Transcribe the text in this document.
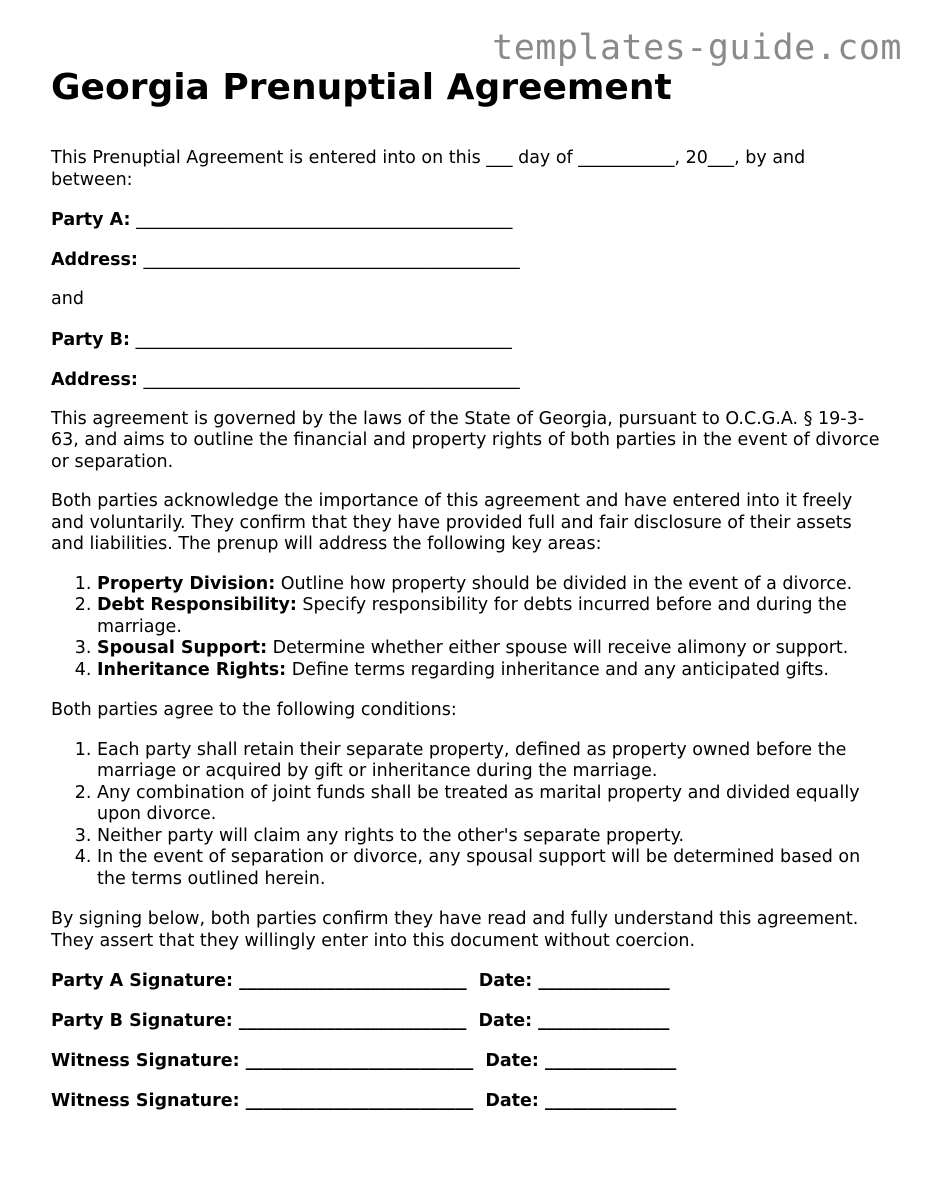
templates-guide.com
Georgia Prenuptial Agreement

This Prenuptial Agreement is entered into on this ___ day of ___________, 20___, by and between:

Party A: ___________________________________________
Address: ___________________________________________

and

Party B: ___________________________________________
Address: ___________________________________________

This agreement is governed by the laws of the State of Georgia, pursuant to O.C.G.A. § 19-3-63, and aims to outline the financial and property rights of both parties in the event of divorce or separation.

Both parties acknowledge the importance of this agreement and have entered into it freely and voluntarily. They confirm that they have provided full and fair disclosure of their assets and liabilities. The prenup will address the following key areas:

1. Property Division: Outline how property should be divided in the event of a divorce.
2. Debt Responsibility: Specify responsibility for debts incurred before and during the marriage.
3. Spousal Support: Determine whether either spouse will receive alimony or support.
4. Inheritance Rights: Define terms regarding inheritance and any anticipated gifts.

Both parties agree to the following conditions:

1. Each party shall retain their separate property, defined as property owned before the marriage or acquired by gift or inheritance during the marriage.
2. Any combination of joint funds shall be treated as marital property and divided equally upon divorce.
3. Neither party will claim any rights to the other's separate property.
4. In the event of separation or divorce, any spousal support will be determined based on the terms outlined herein.

By signing below, both parties confirm they have read and fully understand this agreement. They assert that they willingly enter into this document without coercion.

Party A Signature: __________________________ Date: _______________
Party B Signature: __________________________ Date: _______________
Witness Signature: __________________________ Date: _______________
Witness Signature: __________________________ Date: _______________
